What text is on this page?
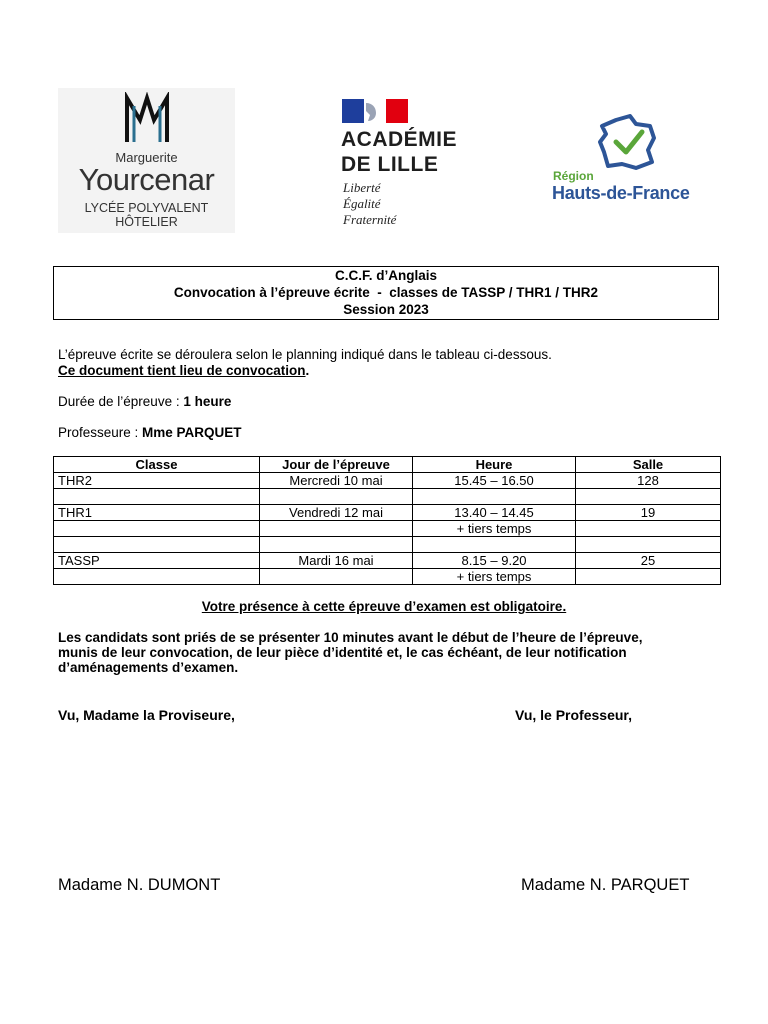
Marguerite
Yourcenar
LYCÉE POLYVALENT
HÔTELIER
ACADÉMIE
DE LILLE
Liberté
Égalité
Fraternité
Région
Hauts-de-France
C.C.F. d’Anglais
Convocation à l’épreuve écrite  -  classes de TASSP / THR1 / THR2
Session 2023
L’épreuve écrite se déroulera selon le planning indiqué dans le tableau ci-dessous.
Ce document tient lieu de convocation.
Durée de l’épreuve : 1 heure
Professeure : Mme PARQUET
Classe	Jour de l’épreuve	Heure	Salle
THR2	Mercredi 10 mai	15.45 – 16.50	128

THR1	Vendredi 12 mai	13.40 – 14.45	19
		+ tiers temps	

TASSP	Mardi 16 mai	8.15 – 9.20	25
		+ tiers temps	
Votre présence à cette épreuve d’examen est obligatoire.
Les candidats sont priés de se présenter 10 minutes avant le début de l’heure de l’épreuve,
munis de leur convocation, de leur pièce d’identité et, le cas échéant, de leur notification
d’aménagements d’examen.
Vu, Madame la Proviseure,	Vu, le Professeur,
Madame N. DUMONT	Madame N. PARQUET
